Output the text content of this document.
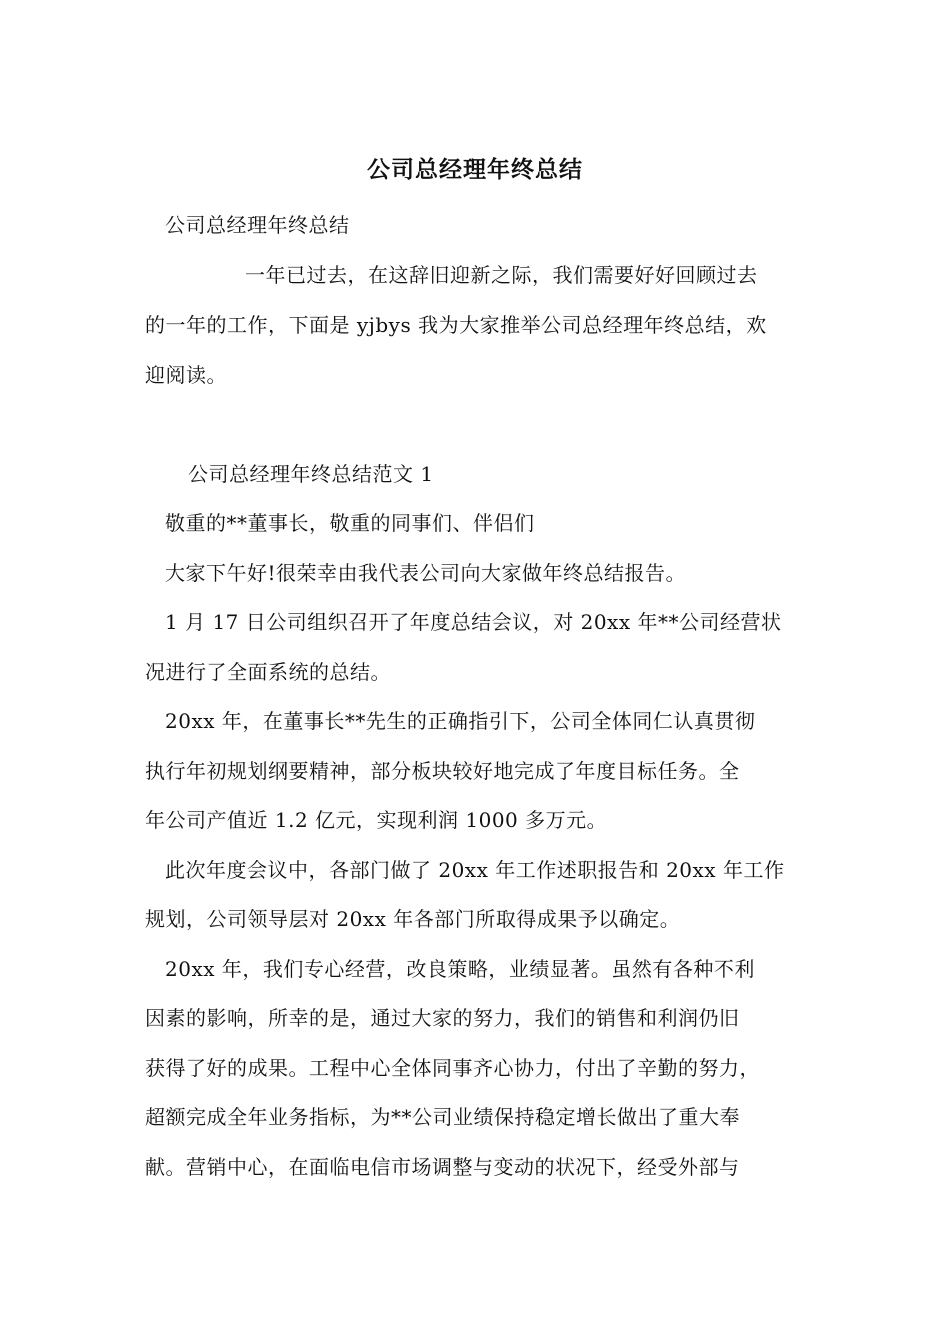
公司总经理年终总结
公司总经理年终总结
一年已过去，在这辞旧迎新之际，我们需要好好回顾过去
的一年的工作，下面是 yjbys 我为大家推举公司总经理年终总结，欢
迎阅读。
公司总经理年终总结范文 1
敬重的**董事长，敬重的同事们、伴侣们
大家下午好!很荣幸由我代表公司向大家做年终总结报告。
1 月 17 日公司组织召开了年度总结会议，对 20xx 年**公司经营状
况进行了全面系统的总结。
20xx 年，在董事长**先生的正确指引下，公司全体同仁认真贯彻
执行年初规划纲要精神，部分板块较好地完成了年度目标任务。全
年公司产值近 1.2 亿元，实现利润 1000 多万元。
此次年度会议中，各部门做了 20xx 年工作述职报告和 20xx 年工作
规划，公司领导层对 20xx 年各部门所取得成果予以确定。
20xx 年，我们专心经营，改良策略，业绩显著。虽然有各种不利
因素的影响，所幸的是，通过大家的努力，我们的销售和利润仍旧
获得了好的成果。工程中心全体同事齐心协力，付出了辛勤的努力，
超额完成全年业务指标，为**公司业绩保持稳定增长做出了重大奉
献。营销中心，在面临电信市场调整与变动的状况下，经受外部与
